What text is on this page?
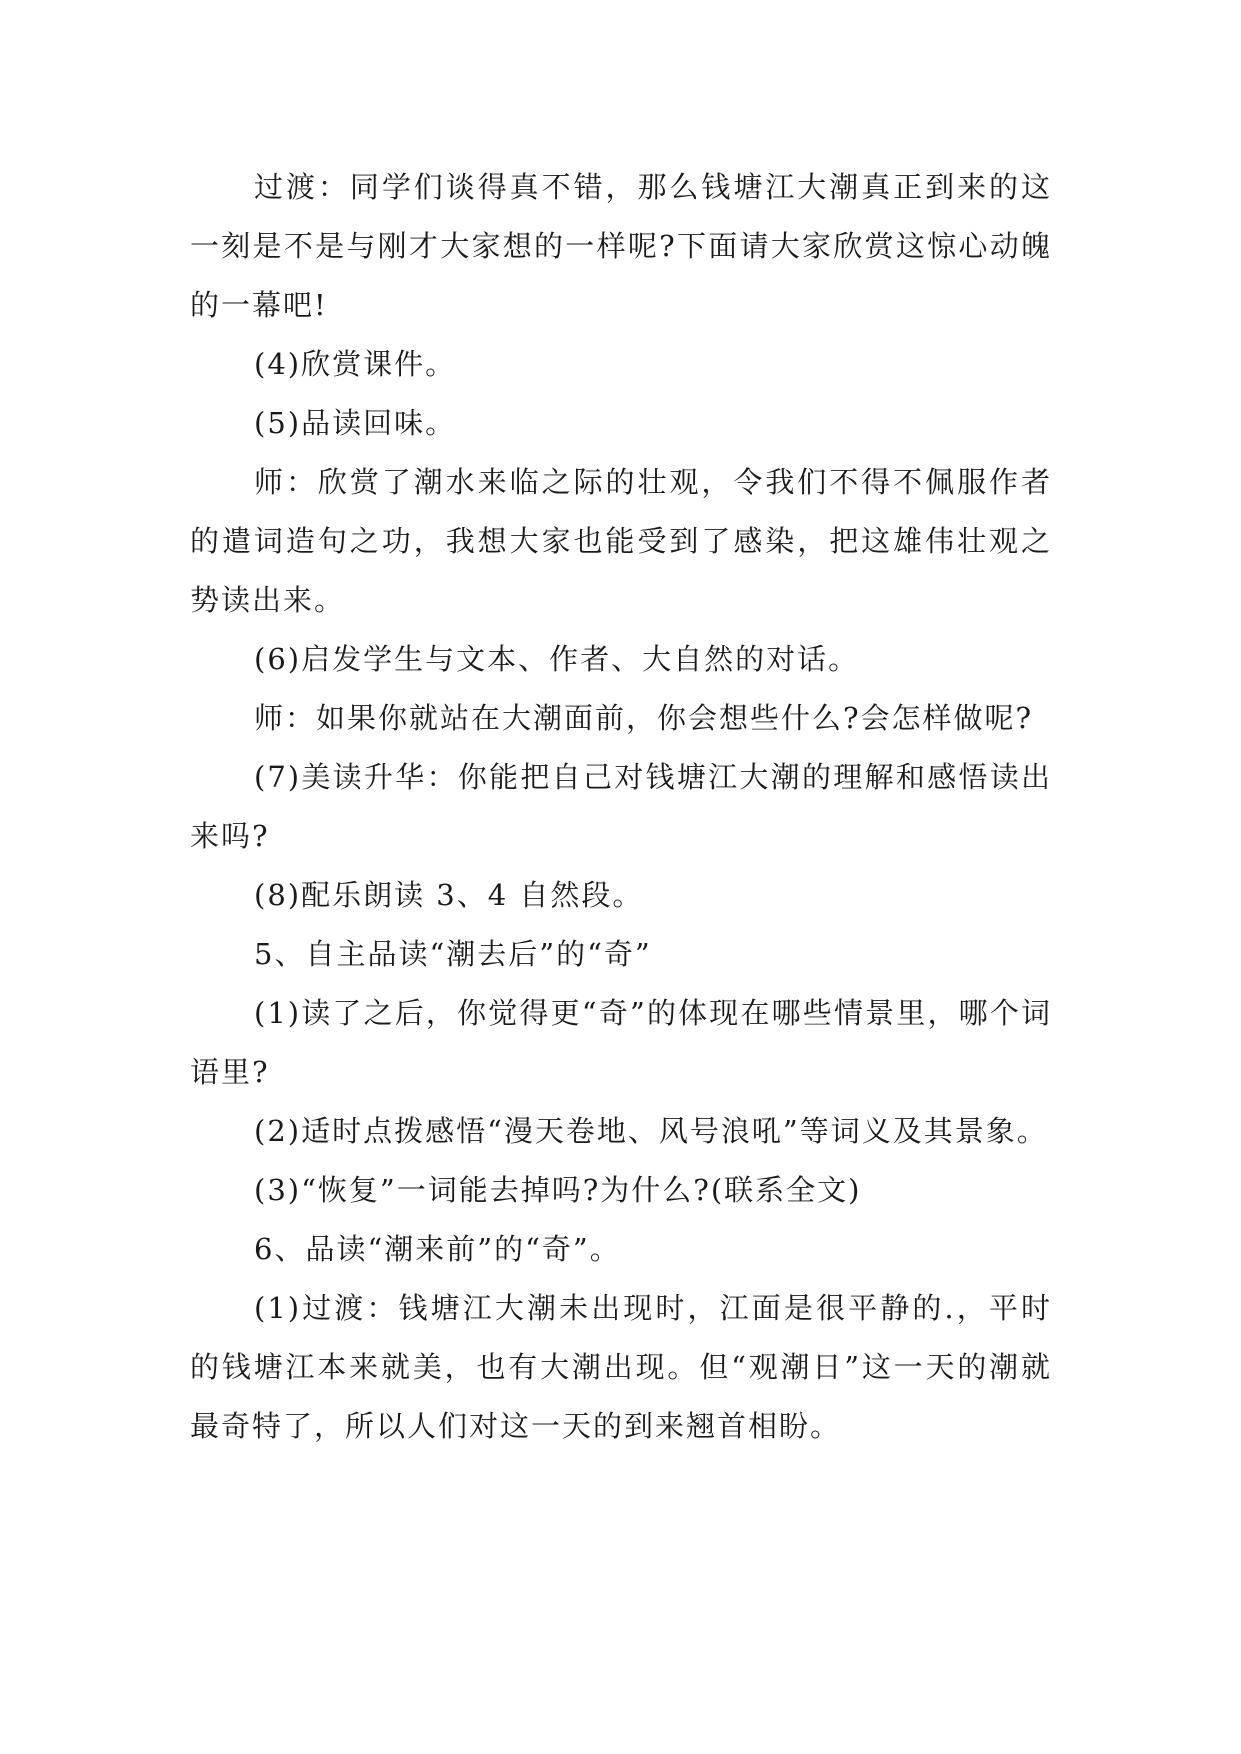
过渡：同学们谈得真不错，那么钱塘江大潮真正到来的这一刻是不是与刚才大家想的一样呢?下面请大家欣赏这惊心动魄的一幕吧!

(4)欣赏课件。

(5)品读回味。

师：欣赏了潮水来临之际的壮观，令我们不得不佩服作者的遣词造句之功，我想大家也能受到了感染，把这雄伟壮观之势读出来。

(6)启发学生与文本、作者、大自然的对话。

师：如果你就站在大潮面前，你会想些什么?会怎样做呢?

(7)美读升华：你能把自己对钱塘江大潮的理解和感悟读出来吗?

(8)配乐朗读 3、4 自然段。

5、自主品读“潮去后”的“奇”

(1)读了之后，你觉得更“奇”的体现在哪些情景里，哪个词语里?

(2)适时点拨感悟“漫天卷地、风号浪吼”等词义及其景象。

(3)“恢复”一词能去掉吗?为什么?(联系全文)

6、品读“潮来前”的“奇”。

(1)过渡：钱塘江大潮未出现时，江面是很平静的.，平时的钱塘江本来就美，也有大潮出现。但“观潮日”这一天的潮就最奇特了，所以人们对这一天的到来翘首相盼。
